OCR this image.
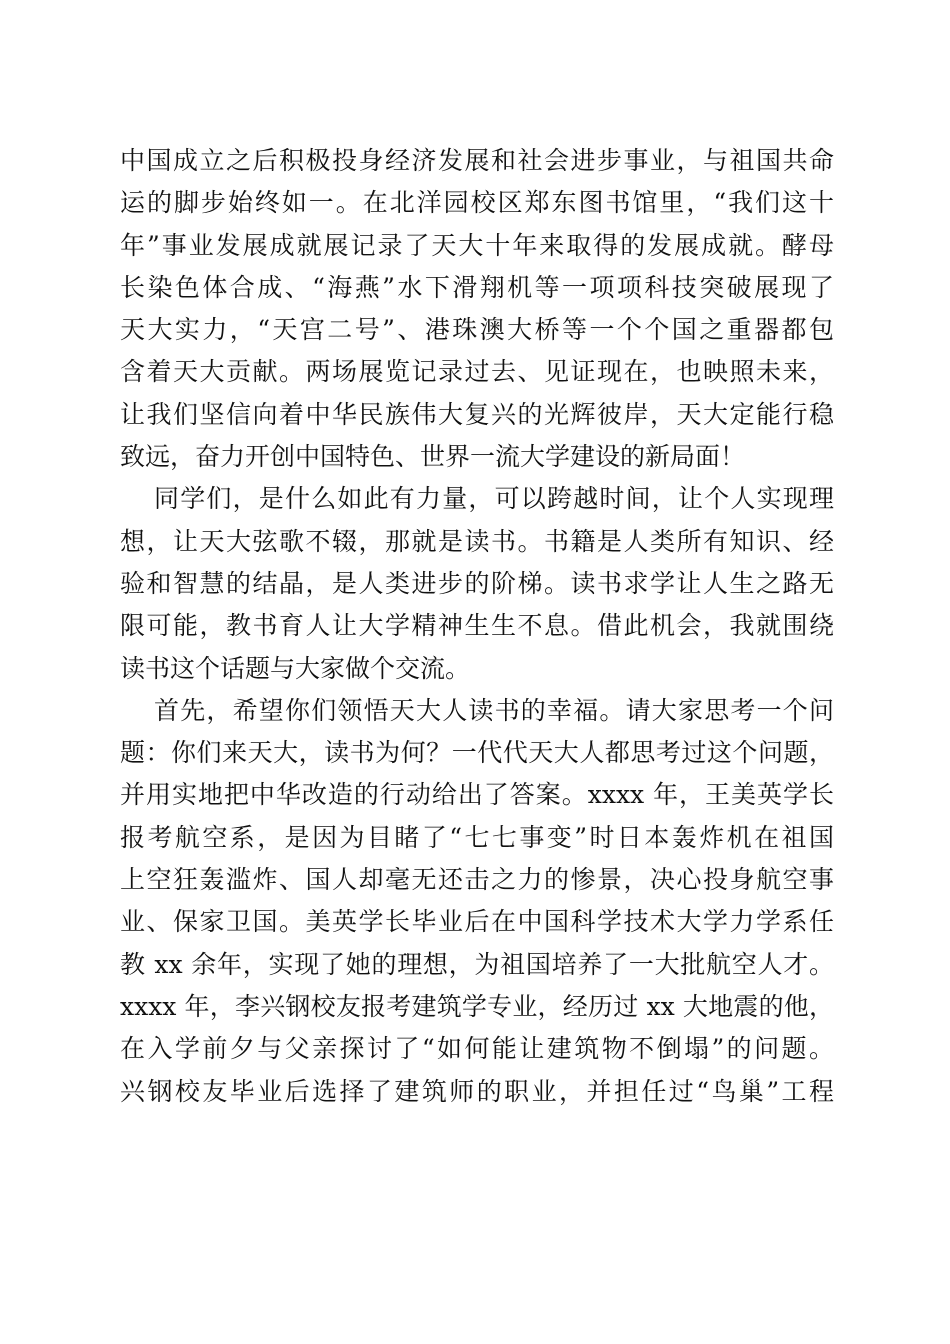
中国成立之后积极投身经济发展和社会进步事业，与祖国共命
运的脚步始终如一。在北洋园校区郑东图书馆里，“我们这十
年”事业发展成就展记录了天大十年来取得的发展成就。酵母
长染色体合成、“海燕”水下滑翔机等一项项科技突破展现了
天大实力，“天宫二号”、港珠澳大桥等一个个国之重器都包
含着天大贡献。两场展览记录过去、见证现在，也映照未来，
让我们坚信向着中华民族伟大复兴的光辉彼岸，天大定能行稳
致远，奋力开创中国特色、世界一流大学建设的新局面！
同学们，是什么如此有力量，可以跨越时间，让个人实现理
想，让天大弦歌不辍，那就是读书。书籍是人类所有知识、经
验和智慧的结晶，是人类进步的阶梯。读书求学让人生之路无
限可能，教书育人让大学精神生生不息。借此机会，我就围绕
读书这个话题与大家做个交流。
首先，希望你们领悟天大人读书的幸福。请大家思考一个问
题：你们来天大，读书为何？一代代天大人都思考过这个问题，
并用实地把中华改造的行动给出了答案。xxxx 年，王美英学长
报考航空系，是因为目睹了“七七事变”时日本轰炸机在祖国
上空狂轰滥炸、国人却毫无还击之力的惨景，决心投身航空事
业、保家卫国。美英学长毕业后在中国科学技术大学力学系任
教 xx 余年，实现了她的理想，为祖国培养了一大批航空人才。
xxxx 年，李兴钢校友报考建筑学专业，经历过 xx 大地震的他，
在入学前夕与父亲探讨了“如何能让建筑物不倒塌”的问题。
兴钢校友毕业后选择了建筑师的职业，并担任过“鸟巢”工程
